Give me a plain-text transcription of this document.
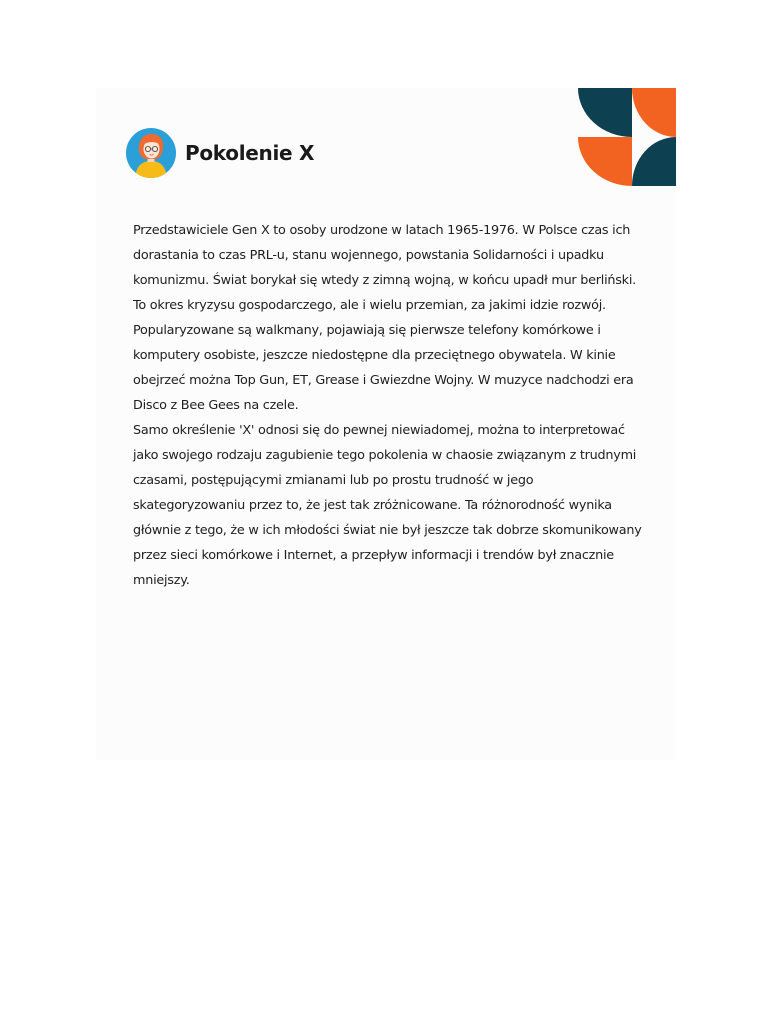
Pokolenie X

Przedstawiciele Gen X to osoby urodzone w latach 1965-1976. W Polsce czas ich dorastania to czas PRL-u, stanu wojennego, powstania Solidarności i upadku komunizmu. Świat borykał się wtedy z zimną wojną, w końcu upadł mur berliński. To okres kryzysu gospodarczego, ale i wielu przemian, za jakimi idzie rozwój. Popularyzowane są walkmany, pojawiają się pierwsze telefony komórkowe i komputery osobiste, jeszcze niedostępne dla przeciętnego obywatela. W kinie obejrzeć można Top Gun, ET, Grease i Gwiezdne Wojny. W muzyce nadchodzi era Disco z Bee Gees na czele.

Samo określenie 'X' odnosi się do pewnej niewiadomej, można to interpretować jako swojego rodzaju zagubienie tego pokolenia w chaosie związanym z trudnymi czasami, postępującymi zmianami lub po prostu trudność w jego skategoryzowaniu przez to, że jest tak zróżnicowane. Ta różnorodność wynika głównie z tego, że w ich młodości świat nie był jeszcze tak dobrze skomunikowany przez sieci komórkowe i Internet, a przepływ informacji i trendów był znacznie mniejszy.
